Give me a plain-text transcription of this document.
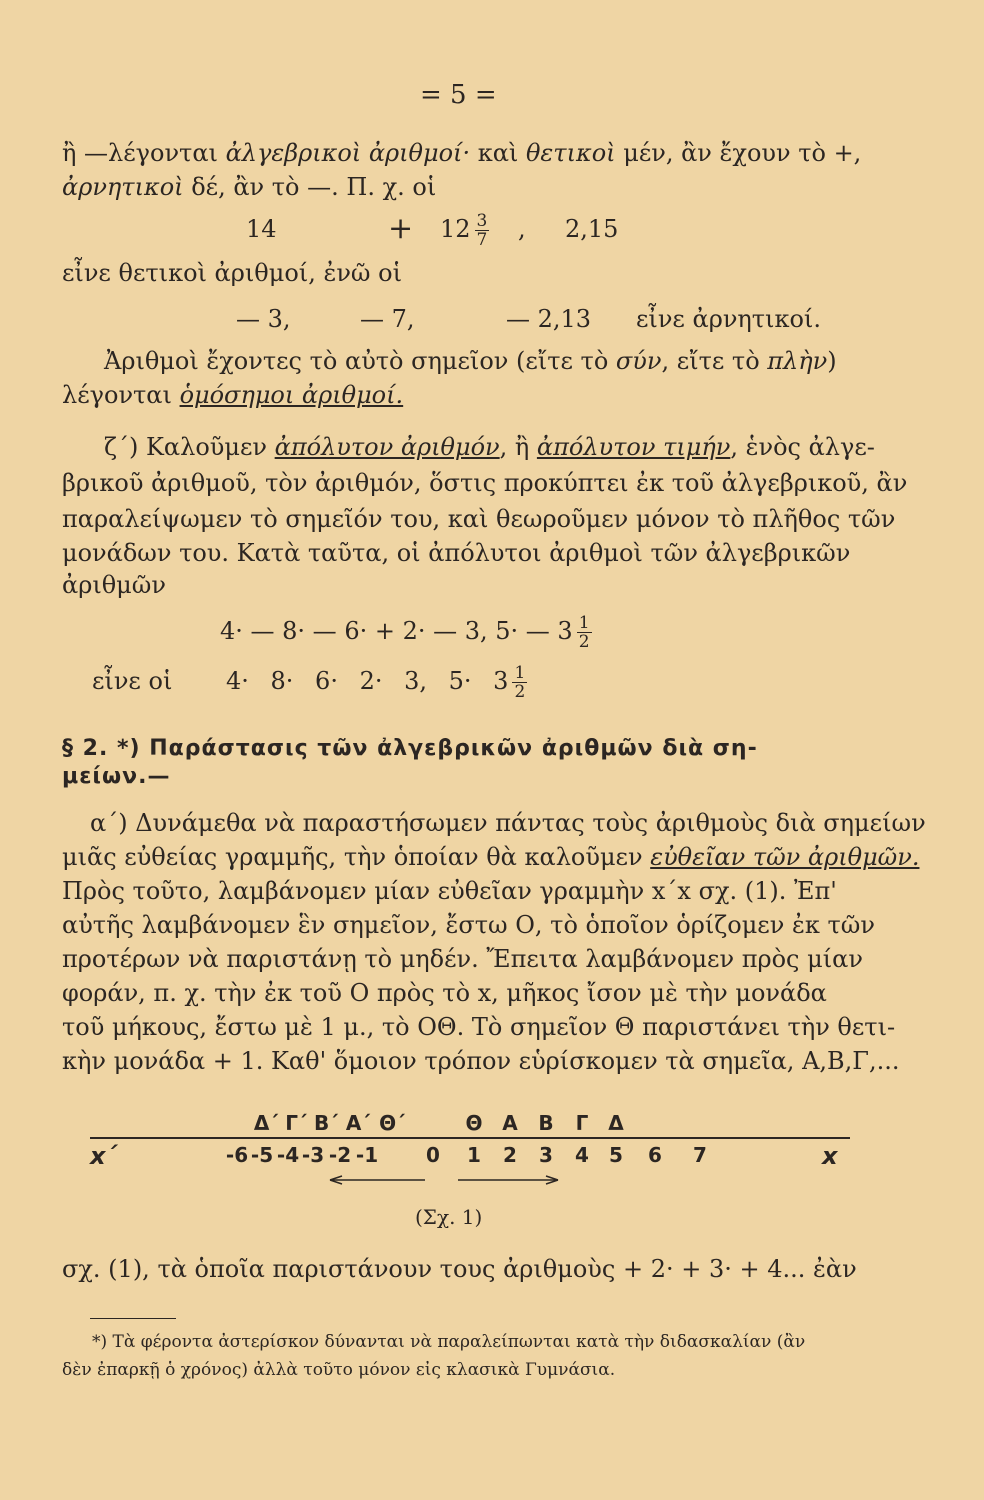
= 5 =
ἢ —λέγονται ἀλγεβρικοὶ ἀριθμοί· καὶ θετικοὶ μέν, ἂν ἔχουν τὸ +,
ἀρνητικοὶ δέ, ἂν τὸ —. Π. χ. οἱ
14	+ $12 \frac{3}{7}$ , 2,15
εἶνε θετικοὶ ἀριθμοί, ἐνῶ οἱ
— 3,	— 7,	— 2,13 εἶνε ἀρνητικοί.
Ἀριθμοὶ ἔχοντες τὸ αὐτὸ σημεῖον (εἴτε τὸ σύν, εἴτε τὸ πλὴν)
λέγονται ὁμόσημοι ἀριθμοί.
ζ΄) Καλοῦμεν ἀπόλυτον ἀριθμόν, ἢ ἀπόλυτον τιμήν, ἑνὸς ἀλγε-
βρικοῦ ἀριθμοῦ, τὸν ἀριθμόν, ὅστις προκύπτει ἐκ τοῦ ἀλγεβρικοῦ, ἂν
παραλείψωμεν τὸ σημεῖόν του, καὶ θεωροῦμεν μόνον τὸ πλῆθος τῶν
μονάδων του. Κατὰ ταῦτα, οἱ ἀπόλυτοι ἀριθμοὶ τῶν ἀλγεβρικῶν
ἀριθμῶν
4· — 8· — 6· + 2· — 3, 5· — $3 \frac{1}{2}$
εἶνε οἱ 4· 8· 6· 2· 3, $5\cdot 3 \frac{1}{2}$
§ 2. *) Παράστασις τῶν ἀλγεβρικῶν ἀριθμῶν διὰ ση-
μείων.—
α΄) Δυνάμεθα νὰ παραστήσωμεν πάντας τοὺς ἀριθμοὺς διὰ σημείων
μιᾶς εὐθείας γραμμῆς, τὴν ὁποίαν θὰ καλοῦμεν εὐθεῖαν τῶν ἀριθμῶν.
Πρὸς τοῦτο, λαμβάνομεν μίαν εὐθεῖαν γραμμὴν x΄x σχ. (1). Ἐπ'
αὐτῆς λαμβάνομεν ἓν σημεῖον, ἔστω Ο, τὸ ὁποῖον ὁρίζομεν ἐκ τῶν
προτέρων νὰ παριστάνῃ τὸ μηδέν. Ἔπειτα λαμβάνομεν πρὸς μίαν
φοράν, π. χ. τὴν ἐκ τοῦ Ο πρὸς τὸ x, μῆκος ἴσον μὲ τὴν μονάδα
τοῦ μήκους, ἔστω μὲ 1 μ., τὸ ΟΘ. Τὸ σημεῖον Θ παριστάνει τὴν θετι-
κὴν μονάδα + 1. Καθ' ὅμοιον τρόπον εὑρίσκομεν τὰ σημεῖα, Α,Β,Γ,...
Δ΄ Γ΄ Β΄ Α΄ Θ΄	Θ Α Β Γ Δ
x΄	x
-6 -5 -4 -3 -2 -1 0 1 2 3 4 5 6 7
(Σχ. 1)
σχ. (1), τὰ ὁποῖα παριστάνουν τους ἀριθμοὺς + 2· + 3· + 4... ἐὰν
*) Τὰ φέροντα ἀστερίσκον δύνανται νὰ παραλείπωνται κατὰ τὴν διδασκαλίαν (ἂν
δὲν ἐπαρκῇ ὁ χρόνος) ἀλλὰ τοῦτο μόνον εἰς κλασικὰ Γυμνάσια.
